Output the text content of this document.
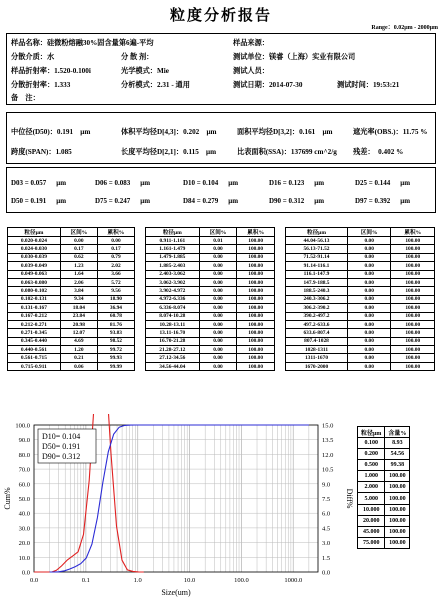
粒度分析报告
Range：0.02μm - 2000μm
样品名称：硅微粉熔融30%固含量第6遍-平均	样品来源：
分散介质：水	分 散 剂：	测试单位：镁睿（上海）实业有限公司
样品折射率：1.520-0.100i	光学模式：Mie	测试人员：
分散折射率：1.333	分析模式：2.31 - 通用	测试日期：2014-07-30	测试时间：19:53:21
备　注：
中位径(D50)：0.191　μm	体积平均径D[4,3]：0.202　μm	面积平均径D[3,2]：0.161　μm	遮光率(OBS.)：11.75 %
跨度(SPAN)：1.085	长度平均径D[2,1]：0.115　μm	比表面积(SSA)：137699 cm^2/g 残差：　0.402 %
D03 = 0.057 μm	D06 = 0.083 μm	D10 = 0.104 μm	D16 = 0.123 μm	D25 = 0.144 μm
D50 = 0.191 μm	D75 = 0.247 μm	D84 = 0.279 μm	D90 = 0.312 μm	D97 = 0.392 μm
粒径μm	区间%	累积%
0.020-0.024	0.00	0.00
0.024-0.030	0.17	0.17
0.030-0.039	0.62	0.79
0.039-0.049	1.23	2.02
0.049-0.063	1.64	3.66
0.063-0.080	2.06	5.72
0.080-0.102	3.84	9.56
0.102-0.131	9.34	18.90
0.131-0.167	18.04	36.94
0.167-0.212	23.84	60.78
0.212-0.271	20.98	81.76
0.271-0.345	12.07	93.83
0.345-0.440	4.69	98.52
0.440-0.561	1.20	99.72
0.561-0.715	0.21	99.93
0.715-0.911	0.06	99.99
粒径μm	区间%	累积%
0.911-1.161	0.01	100.00
1.161-1.479	0.00	100.00
1.479-1.885	0.00	100.00
1.885-2.403	0.00	100.00
2.403-3.062	0.00	100.00
3.062-3.902	0.00	100.00
3.902-4.972	0.00	100.00
4.972-6.336	0.00	100.00
6.336-8.074	0.00	100.00
8.074-10.28	0.00	100.00
10.28-13.11	0.00	100.00
13.11-16.70	0.00	100.00
16.70-21.28	0.00	100.00
21.28-27.12	0.00	100.00
27.12-34.56	0.00	100.00
34.56-44.04	0.00	100.00
粒径μm	区间%	累积%
44.04-56.13	0.00	100.00
56.13-71.52	0.00	100.00
71.52-91.14	0.00	100.00
91.14-116.1	0.00	100.00
116.1-147.9	0.00	100.00
147.9-188.5	0.00	100.00
188.5-240.3	0.00	100.00
240.3-306.2	0.00	100.00
306.2-390.2	0.00	100.00
390.2-497.2	0.00	100.00
497.2-633.6	0.00	100.00
633.6-807.4	0.00	100.00
807.4-1028	0.00	100.00
1028-1311	0.00	100.00
1311-1670	0.00	100.00
1670-2000	0.00	100.00
0.0
10.0
20.0
30.0
40.0
50.0
60.0
70.0
80.0
90.0
100.0
0.0
1.5
3.0
4.5
6.0
7.5
9.0
10.5
12.0
13.5
15.0
0.0	0.1	1.0	10.0	100.0	1000.0
D10= 0.104
D50= 0.191
D90= 0.312
Size(um)
Cum%	Diff%
粒径μm	含量%
0.100	8.93
0.200	54.56
0.500	99.38
1.000	100.00
2.000	100.00
5.000	100.00
10.000	100.00
20.000	100.00
45.000	100.00
75.000	100.00
